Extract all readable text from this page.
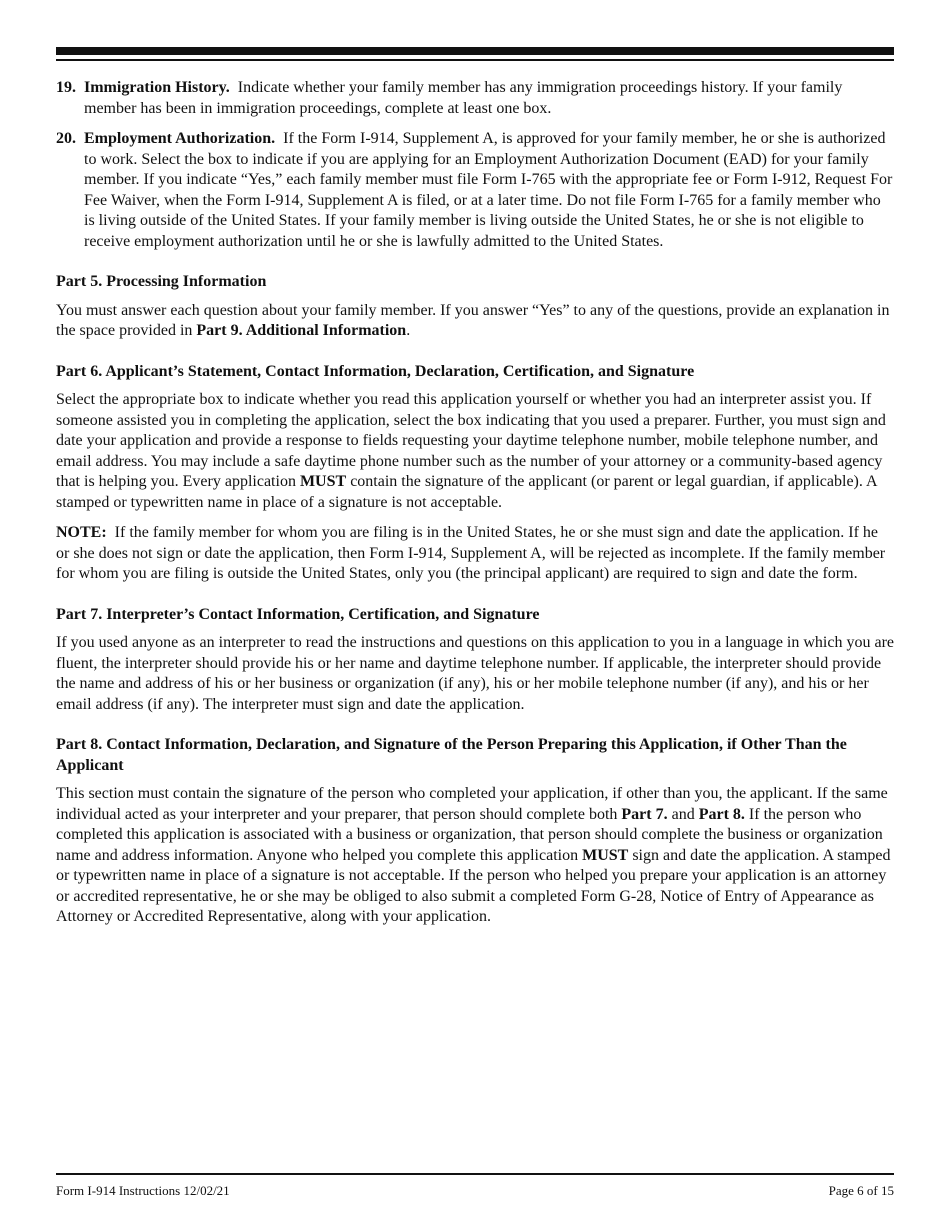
19. Immigration History. Indicate whether your family member has any immigration proceedings history. If your family member has been in immigration proceedings, complete at least one box.
20. Employment Authorization. If the Form I-914, Supplement A, is approved for your family member, he or she is authorized to work. Select the box to indicate if you are applying for an Employment Authorization Document (EAD) for your family member. If you indicate “Yes,” each family member must file Form I-765 with the appropriate fee or Form I-912, Request For Fee Waiver, when the Form I-914, Supplement A is filed, or at a later time. Do not file Form I-765 for a family member who is living outside of the United States. If your family member is living outside the United States, he or she is not eligible to receive employment authorization until he or she is lawfully admitted to the United States.
Part 5. Processing Information

You must answer each question about your family member. If you answer “Yes” to any of the questions, provide an explanation in the space provided in Part 9. Additional Information.

Part 6. Applicant’s Statement, Contact Information, Declaration, Certification, and Signature

Select the appropriate box to indicate whether you read this application yourself or whether you had an interpreter assist you. If someone assisted you in completing the application, select the box indicating that you used a preparer. Further, you must sign and date your application and provide a response to fields requesting your daytime telephone number, mobile telephone number, and email address. You may include a safe daytime phone number such as the number of your attorney or a community-based agency that is helping you. Every application MUST contain the signature of the applicant (or parent or legal guardian, if applicable). A stamped or typewritten name in place of a signature is not acceptable.

NOTE: If the family member for whom you are filing is in the United States, he or she must sign and date the application. If he or she does not sign or date the application, then Form I-914, Supplement A, will be rejected as incomplete. If the family member for whom you are filing is outside the United States, only you (the principal applicant) are required to sign and date the form.

Part 7. Interpreter’s Contact Information, Certification, and Signature

If you used anyone as an interpreter to read the instructions and questions on this application to you in a language in which you are fluent, the interpreter should provide his or her name and daytime telephone number. If applicable, the interpreter should provide the name and address of his or her business or organization (if any), his or her mobile telephone number (if any), and his or her email address (if any). The interpreter must sign and date the application.

Part 8. Contact Information, Declaration, and Signature of the Person Preparing this Application, if Other Than the Applicant

This section must contain the signature of the person who completed your application, if other than you, the applicant. If the same individual acted as your interpreter and your preparer, that person should complete both Part 7. and Part 8. If the person who completed this application is associated with a business or organization, that person should complete the business or organization name and address information. Anyone who helped you complete this application MUST sign and date the application. A stamped or typewritten name in place of a signature is not acceptable. If the person who helped you prepare your application is an attorney or accredited representative, he or she may be obliged to also submit a completed Form G-28, Notice of Entry of Appearance as Attorney or Accredited Representative, along with your application.

Form I-914 Instructions 12/02/21	Page 6 of 15
